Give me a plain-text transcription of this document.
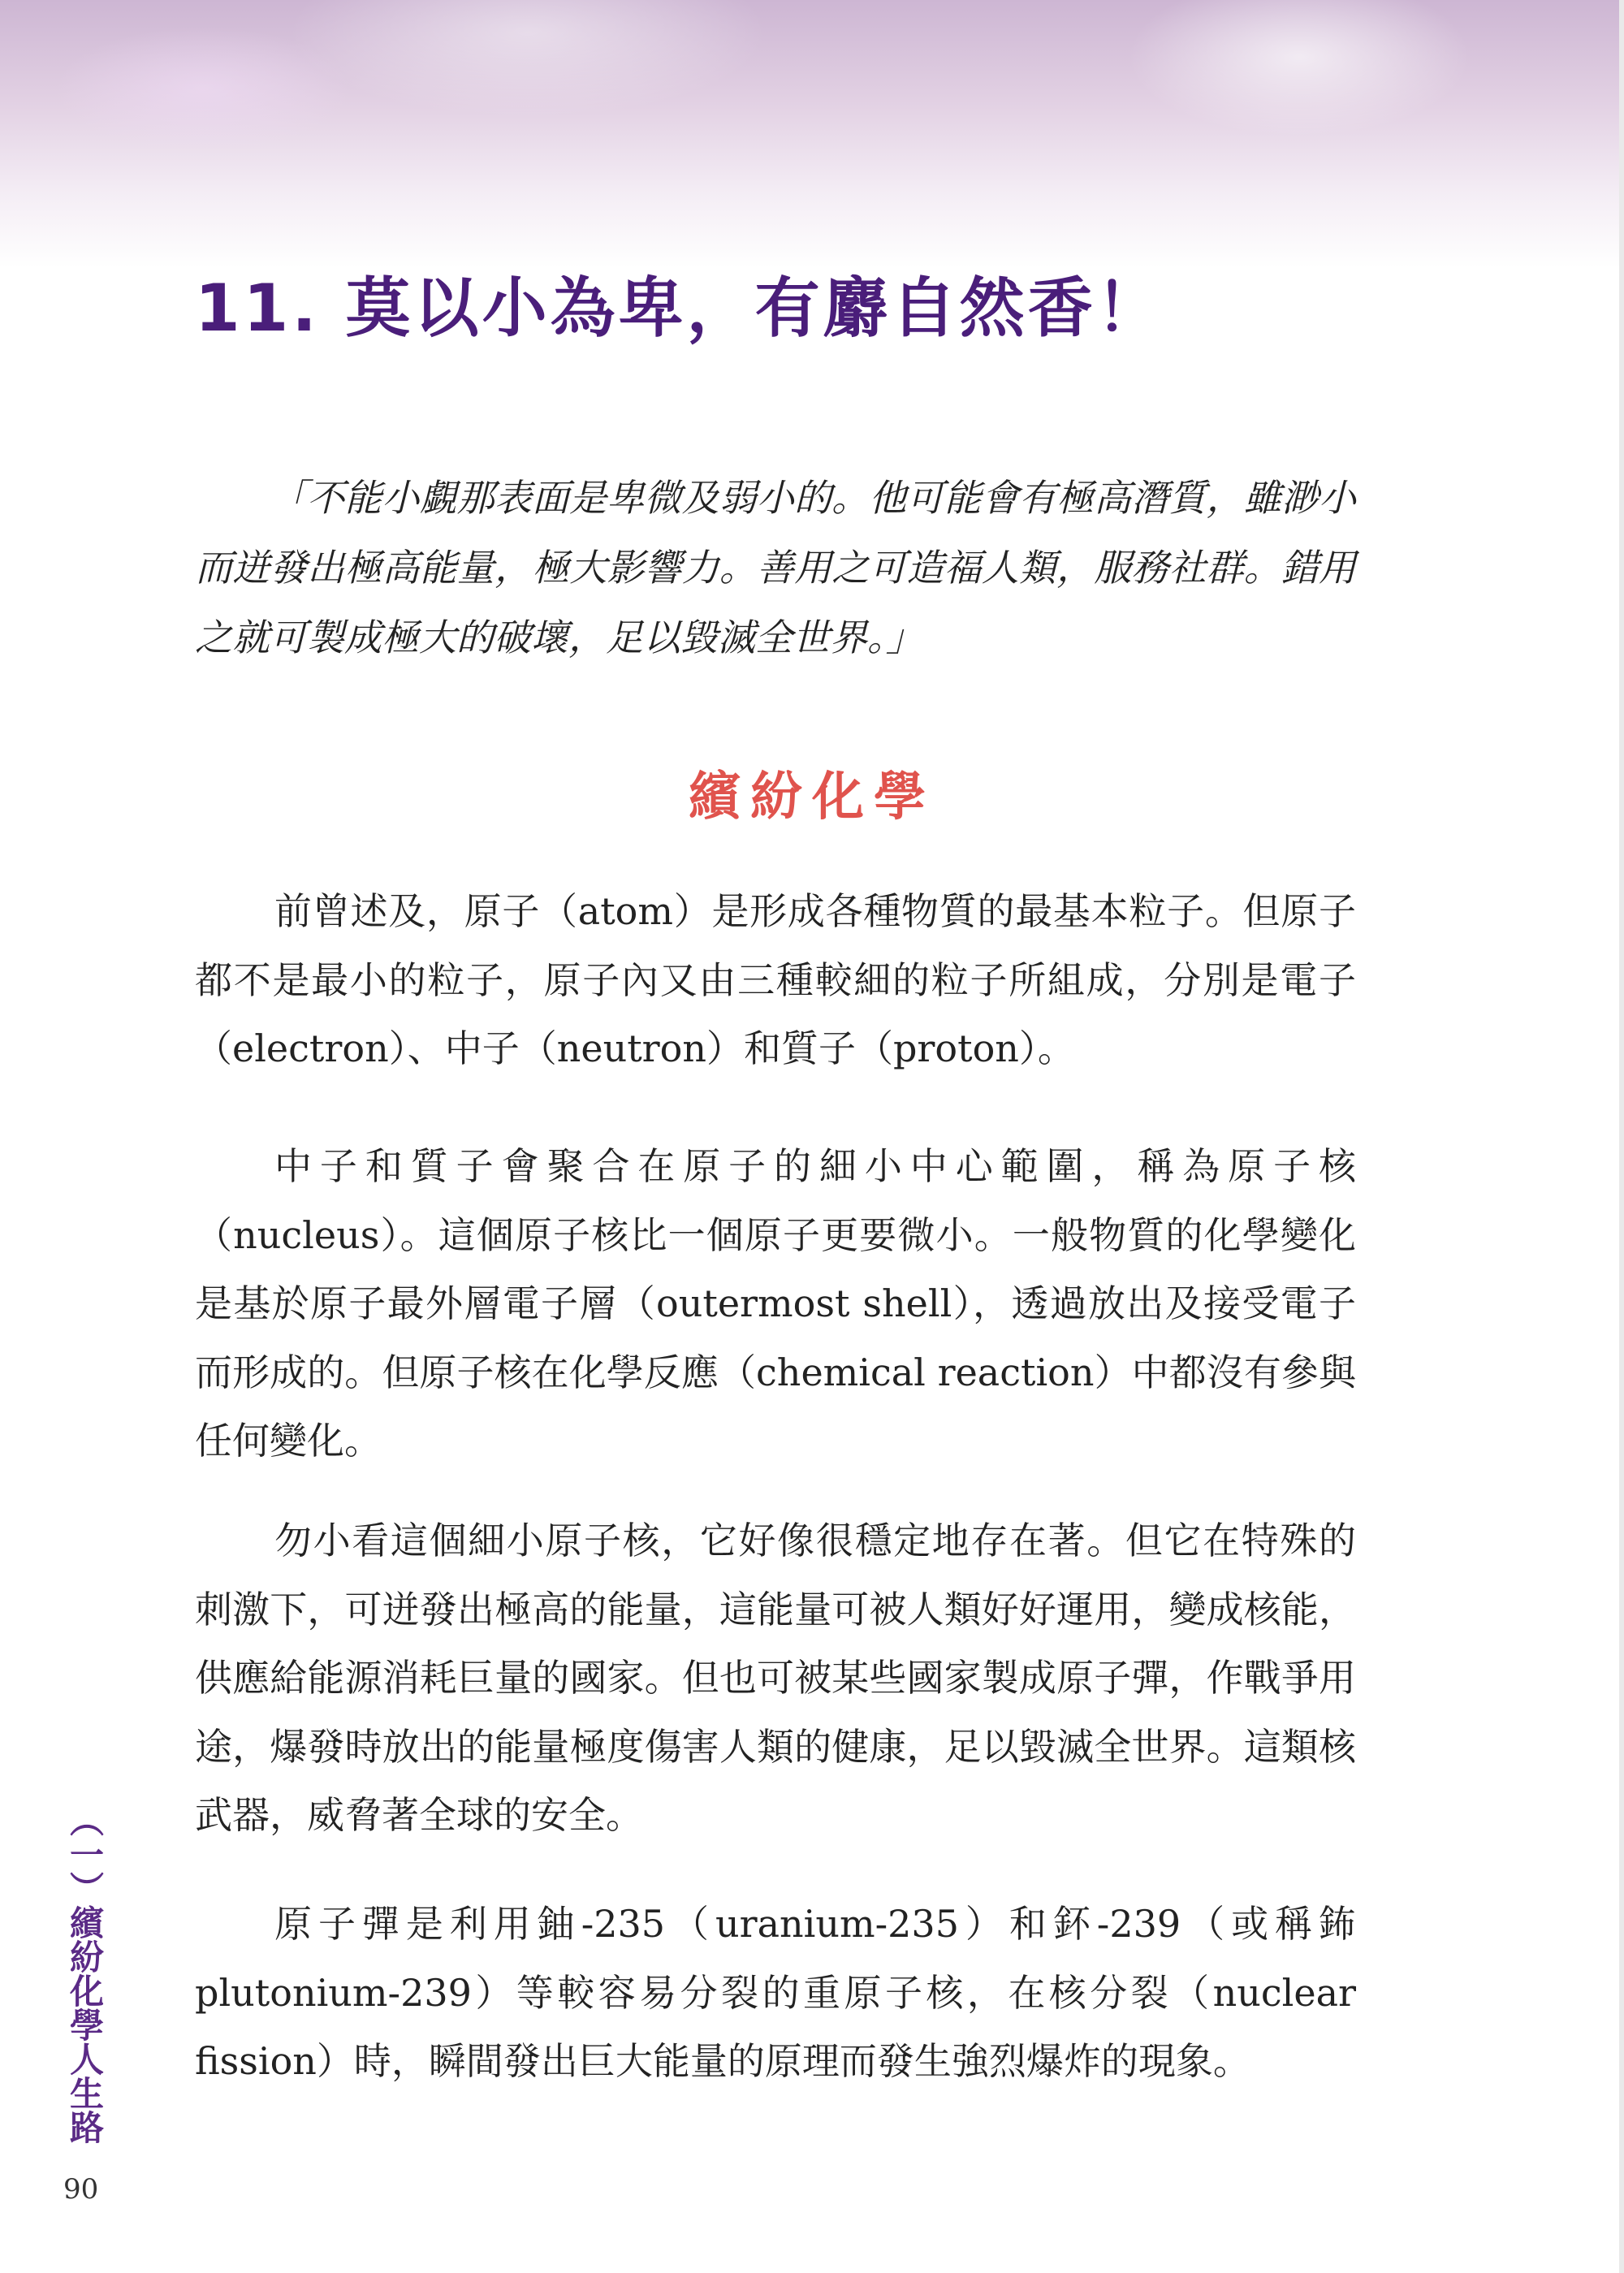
11. 莫以小為卑，有麝自然香！

「不能小覷那表面是卑微及弱小的。他可能會有極高潛質，雖渺小而迸發出極高能量，極大影響力。善用之可造福人類，服務社群。錯用之就可製成極大的破壞，足以毀滅全世界。」

繽紛化學

前曾述及，原子（atom）是形成各種物質的最基本粒子。但原子都不是最小的粒子，原子內又由三種較細的粒子所組成，分別是電子（electron）、中子（neutron）和質子（proton）。

中子和質子會聚合在原子的細小中心範圍，稱為原子核（nucleus）。這個原子核比一個原子更要微小。一般物質的化學變化是基於原子最外層電子層（outermost shell），透過放出及接受電子而形成的。但原子核在化學反應（chemical reaction）中都沒有參與任何變化。

勿小看這個細小原子核，它好像很穩定地存在著。但它在特殊的刺激下，可迸發出極高的能量，這能量可被人類好好運用，變成核能，供應給能源消耗巨量的國家。但也可被某些國家製成原子彈，作戰爭用途，爆發時放出的能量極度傷害人類的健康，足以毀滅全世界。這類核武器，威脅著全球的安全。

原子彈是利用鈾-235（uranium-235）和鈈-239（或稱鈽 plutonium-239）等較容易分裂的重原子核，在核分裂（nuclear fission）時，瞬間發出巨大能量的原理而發生強烈爆炸的現象。

（一）繽紛化學人生路
90
